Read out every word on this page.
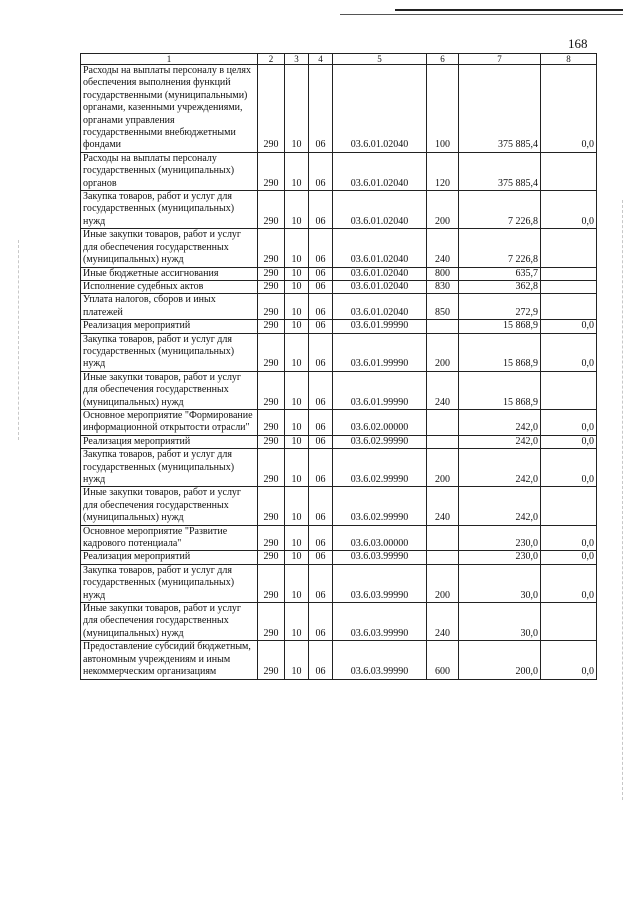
168
1	2	3	4	5	6	7	8
Расходы на выплаты персоналу в целях обеспечения выполнения функций государственными (муниципальными) органами, казенными учреждениями, органами управления государственными внебюджетными фондами	290	10	06	03.6.01.02040	100	375 885,4	0,0
Расходы на выплаты персоналу государственных (муниципальных) органов	290	10	06	03.6.01.02040	120	375 885,4	
Закупка товаров, работ и услуг для государственных (муниципальных) нужд	290	10	06	03.6.01.02040	200	7 226,8	0,0
Иные закупки товаров, работ и услуг для обеспечения государственных (муниципальных) нужд	290	10	06	03.6.01.02040	240	7 226,8	
Иные бюджетные ассигнования	290	10	06	03.6.01.02040	800	635,7	
Исполнение судебных актов	290	10	06	03.6.01.02040	830	362,8	
Уплата налогов, сборов и иных платежей	290	10	06	03.6.01.02040	850	272,9	
Реализация мероприятий	290	10	06	03.6.01.99990		15 868,9	0,0
Закупка товаров, работ и услуг для государственных (муниципальных) нужд	290	10	06	03.6.01.99990	200	15 868,9	0,0
Иные закупки товаров, работ и услуг для обеспечения государственных (муниципальных) нужд	290	10	06	03.6.01.99990	240	15 868,9	
Основное мероприятие "Формирование информационной открытости отрасли"	290	10	06	03.6.02.00000		242,0	0,0
Реализация мероприятий	290	10	06	03.6.02.99990		242,0	0,0
Закупка товаров, работ и услуг для государственных (муниципальных) нужд	290	10	06	03.6.02.99990	200	242,0	0,0
Иные закупки товаров, работ и услуг для обеспечения государственных (муниципальных) нужд	290	10	06	03.6.02.99990	240	242,0	
Основное мероприятие "Развитие кадрового потенциала"	290	10	06	03.6.03.00000		230,0	0,0
Реализация мероприятий	290	10	06	03.6.03.99990		230,0	0,0
Закупка товаров, работ и услуг для государственных (муниципальных) нужд	290	10	06	03.6.03.99990	200	30,0	0,0
Иные закупки товаров, работ и услуг для обеспечения государственных (муниципальных) нужд	290	10	06	03.6.03.99990	240	30,0	
Предоставление субсидий бюджетным, автономным учреждениям и иным некоммерческим организациям	290	10	06	03.6.03.99990	600	200,0	0,0
